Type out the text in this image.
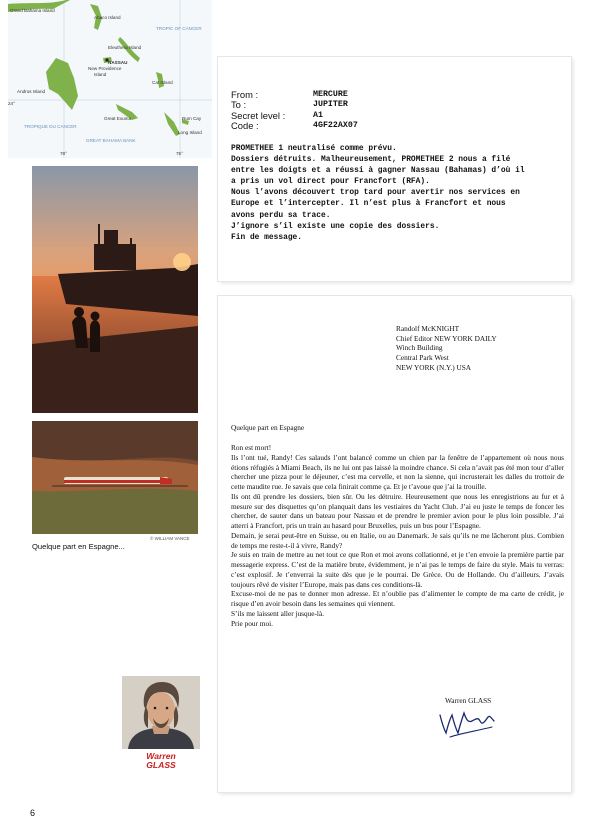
Grand Bahama Island
Abaco Island
TROPIC OF CANCER
Eleuthera Island
NASSAU
New Providence
Island
Cat Island
Andros Island
24°
Great Exuma	Rum Cay
TROPIQUE DU CANCER
Long Island
GREAT BAHAMA BANK
78°	75°
© WILLIAM VANCE
Quelque part en Espagne...
From :	MERCURE
To :	JUPITER
Secret level :	A1
Code :	4GF22AX07
PROMETHEE 1 neutralisé comme prévu.
Dossiers détruits. Malheureusement, PROMETHEE 2 nous a filé
entre les doigts et a réussi à gagner Nassau (Bahamas) d’où il
a pris un vol direct pour Francfort (RFA).
Nous l’avons découvert trop tard pour avertir nos services en
Europe et l’intercepter. Il n’est plus à Francfort et nous
avons perdu sa trace.
J’ignore s’il existe une copie des dossiers.
Fin de message.
Randolf McKNIGHT
Chief Editor NEW YORK DAILY
Winch Building
Central Park West
NEW YORK (N.Y.) USA
Quelque part en Espagne

Ron est mort!

Ils l’ont tué, Randy! Ces salauds l’ont balancé comme un chien par la fenêtre de l’appartement où nous nous étions réfugiés à Miami Beach, ils ne lui ont pas laissé la moindre chance. Si cela n’avait pas été mon tour d’aller chercher une pizza pour le déjeuner, c’est ma cervelle, et non la sienne, qui incrusterait les dalles du trottoir de cette maudite rue. Je savais que cela finirait comme ça. Et je t’avoue que j’ai la trouille.

Ils ont dû prendre les dossiers, bien sûr. Ou les détruire. Heureusement que nous les enregistrions au fur et à mesure sur des disquettes qu’on planquait dans les vestiaires du Yacht Club. J’ai eu juste le temps de foncer les chercher, de sauter dans un bateau pour Nassau et de prendre le premier avion pour le plus loin possible. J’ai atterri à Francfort, pris un train au hasard pour Bruxelles, puis un bus pour l’Espagne.

Demain, je serai peut-être en Suisse, ou en Italie, ou au Danemark. Je sais qu’ils ne me lâcheront plus. Combien de temps me reste-t-il à vivre, Randy?

Je suis en train de mettre au net tout ce que Ron et moi avons collationné, et je t’en envoie la première partie par messagerie express. C’est de la matière brute, évidemment, je n’ai pas le temps de faire du style. Mais tu verras: c’est explosif. Je t’enverrai la suite dès que je le pourrai. De Grèce. Ou de Hollande. Ou d’ailleurs. J’avais toujours rêvé de visiter l’Europe, mais pas dans ces conditions-là.

Excuse-moi de ne pas te donner mon adresse. Et n’oublie pas d’alimenter le compte de ma carte de crédit, je risque d’en avoir besoin dans les semaines qui viennent.

S’ils me laissent aller jusque-là.

Prie pour moi.

Warren GLASS
Warren
GLASS
6
